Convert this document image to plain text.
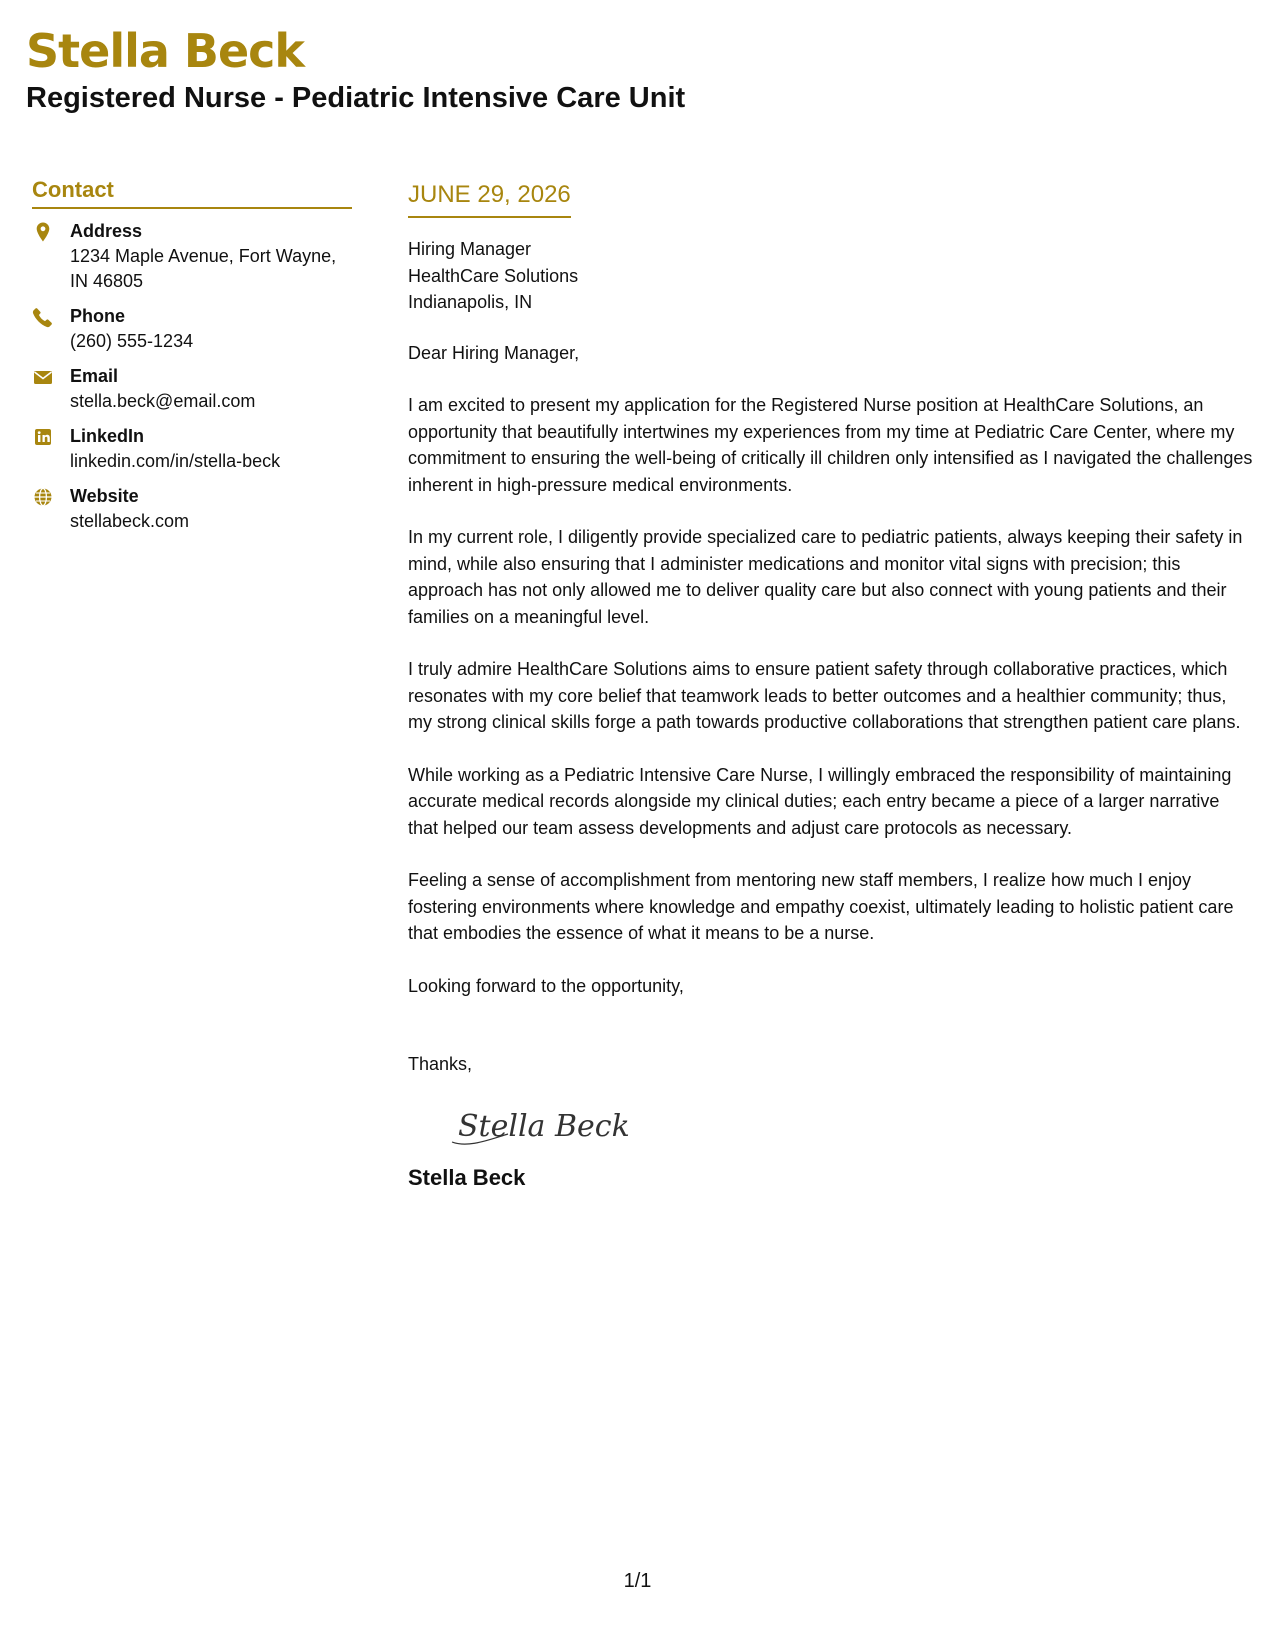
Stella Beck
Registered Nurse - Pediatric Intensive Care Unit
Contact
Address
1234 Maple Avenue, Fort Wayne, IN 46805
Phone
(260) 555-1234
Email
stella.beck@email.com
LinkedIn
linkedin.com/in/stella-beck
Website
stellabeck.com
JUNE 29, 2026

Hiring Manager

HealthCare Solutions

Indianapolis, IN

Dear Hiring Manager,

I am excited to present my application for the Registered Nurse position at HealthCare Solutions, an opportunity that beautifully intertwines my experiences from my time at Pediatric Care Center, where my commitment to ensuring the well-being of critically ill children only intensified as I navigated the challenges inherent in high-pressure medical environments.

In my current role, I diligently provide specialized care to pediatric patients, always keeping their safety in mind, while also ensuring that I administer medications and monitor vital signs with precision; this approach has not only allowed me to deliver quality care but also connect with young patients and their families on a meaningful level.

I truly admire HealthCare Solutions aims to ensure patient safety through collaborative practices, which resonates with my core belief that teamwork leads to better outcomes and a healthier community; thus, my strong clinical skills forge a path towards productive collaborations that strengthen patient care plans.

While working as a Pediatric Intensive Care Nurse, I willingly embraced the responsibility of maintaining accurate medical records alongside my clinical duties; each entry became a piece of a larger narrative that helped our team assess developments and adjust care protocols as necessary.

Feeling a sense of accomplishment from mentoring new staff members, I realize how much I enjoy fostering environments where knowledge and empathy coexist, ultimately leading to holistic patient care that embodies the essence of what it means to be a nurse.

Looking forward to the opportunity,

Thanks,

Stella Beck
Stella Beck
1/1
